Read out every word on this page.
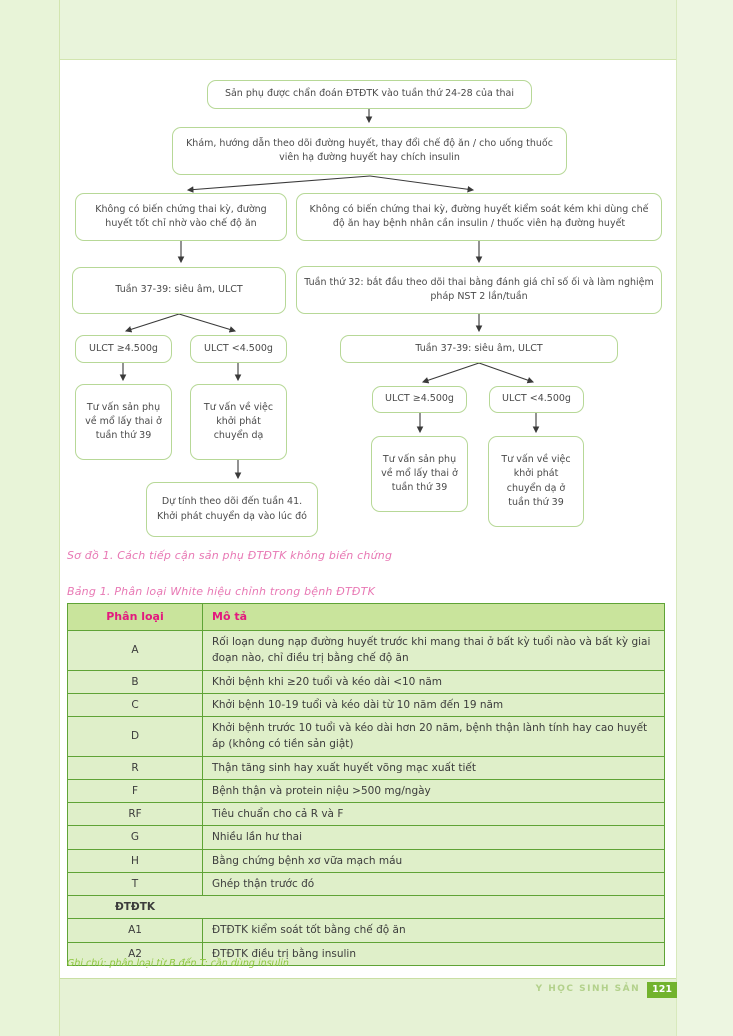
Sản phụ được chẩn đoán ĐTĐTK vào tuần thứ 24-28 của thai
Khám, hướng dẫn theo dõi đường huyết, thay đổi chế độ ăn / cho uống thuốc viên hạ đường huyết hay chích insulin
Không có biến chứng thai kỳ, đường huyết tốt chỉ nhờ vào chế độ ăn
Không có biến chứng thai kỳ, đường huyết kiểm soát kém khi dùng chế độ ăn hay bệnh nhân cần insulin / thuốc viên hạ đường huyết
Tuần 37-39: siêu âm, ULCT
Tuần thứ 32: bắt đầu theo dõi thai bằng đánh giá chỉ số ối và làm nghiệm pháp NST 2 lần/tuần
ULCT ≥4.500g	ULCT <4.500g	Tuần 37-39: siêu âm, ULCT
Tư vấn sản phụ về mổ lấy thai ở tuần thứ 39
Tư vấn về việc khởi phát chuyển dạ
Dự tính theo dõi đến tuần 41. Khởi phát chuyển dạ vào lúc đó
ULCT ≥4.500g	ULCT <4.500g
Tư vấn sản phụ về mổ lấy thai ở tuần thứ 39
Tư vấn về việc khởi phát chuyển dạ ở tuần thứ 39
Sơ đồ 1. Cách tiếp cận sản phụ ĐTĐTK không biến chứng
Bảng 1. Phân loại White hiệu chỉnh trong bệnh ĐTĐTK
Phân loại	Mô tả
A	Rối loạn dung nạp đường huyết trước khi mang thai ở bất kỳ tuổi nào và bất kỳ giai đoạn nào, chỉ điều trị bằng chế độ ăn
B	Khởi bệnh khi ≥20 tuổi và kéo dài <10 năm
C	Khởi bệnh 10-19 tuổi và kéo dài từ 10 năm đến 19 năm
D	Khởi bệnh trước 10 tuổi và kéo dài hơn 20 năm, bệnh thận lành tính hay cao huyết áp (không có tiền sản giật)
R	Thận tăng sinh hay xuất huyết võng mạc xuất tiết
F	Bệnh thận và protein niệu >500 mg/ngày
RF	Tiêu chuẩn cho cả R và F
G	Nhiều lần hư thai
H	Bằng chứng bệnh xơ vữa mạch máu
T	Ghép thận trước đó
ĐTĐTK	
A1	ĐTĐTK kiểm soát tốt bằng chế độ ăn
A2	ĐTĐTK điều trị bằng insulin
Ghi chú: phân loại từ B đến T: cần dùng insulin
Y HỌC SINH SẢN	121
